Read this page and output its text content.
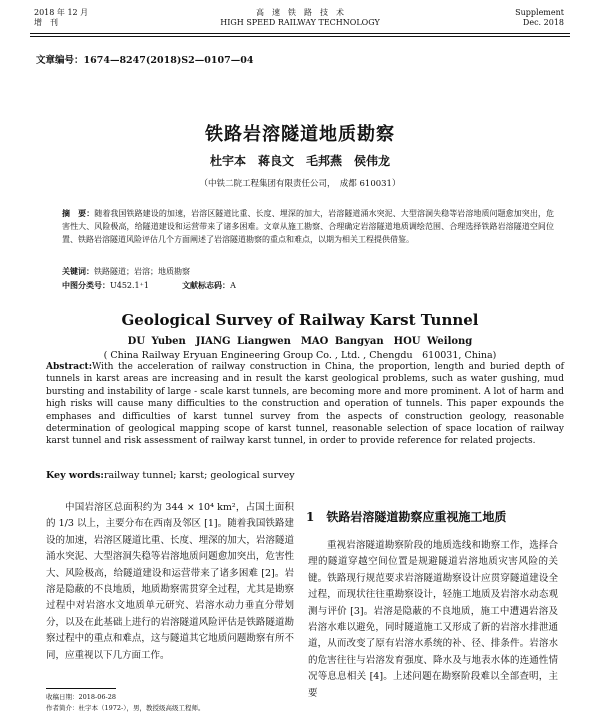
2018 年 12 月
增　刊
高　速　铁　路　技　术
HIGH SPEED RAILWAY TECHNOLOGY
Supplement
Dec. 2018
文章编号：1674—8247(2018)S2—0107—04
铁路岩溶隧道地质勘察
杜宇本　蒋良文　毛邦燕　侯伟龙
（中铁二院工程集团有限责任公司，　成都 610031）
摘　要：随着我国铁路建设的加速，岩溶区隧道比重、长度、埋深的加大，岩溶隧道涌水突泥、大型溶洞失稳等岩溶地质问题愈加突出，危害性大、风险极高，给隧道建设和运营带来了诸多困难。文章从施工勘察、合理确定岩溶隧道地质调绘范围、合理选择铁路岩溶隧道空间位置、铁路岩溶隧道风险评估几个方面阐述了岩溶隧道勘察的重点和难点，以期为相关工程提供借鉴。
关键词：铁路隧道；岩溶；地质勘察
中图分类号：U452.1⁺1	文献标志码：A
Geological Survey of Railway Karst Tunnel
DU Yuben　JIANG Liangwen　MAO Bangyan　HOU Weilong
( China Railway Eryuan Engineering Group Co. , Ltd. , Chengdu　610031, China)
Abstract:With the acceleration of railway construction in China, the proportion, length and buried depth of tunnels in karst areas are increasing and in result the karst geological problems, such as water gushing, mud bursting and instability of large - scale karst tunnels, are becoming more and more prominent. A lot of harm and high risks will cause many difficulties to the construction and operation of tunnels. This paper expounds the emphases and difficulties of karst tunnel survey from the aspects of construction geology, reasonable determination of geological mapping scope of karst tunnel, reasonable selection of space location of railway karst tunnel and risk assessment of railway karst tunnel, in order to provide reference for related projects.
Key words:railway tunnel; karst; geological survey
中国岩溶区总面积约为 344 × 10⁴ km²，占国土面积的 1/3 以上，主要分布在西南及邻区 [1]。随着我国铁路建设的加速，岩溶区隧道比重、长度、埋深的加大，岩溶隧道涌水突泥、大型溶洞失稳等岩溶地质问题愈加突出，危害性大、风险极高，给隧道建设和运营带来了诸多困难 [2]。岩溶是隐蔽的不良地质，地质勘察需贯穿全过程，尤其是勘察过程中对岩溶水文地质单元研究、岩溶水动力垂直分带划分，以及在此基础上进行的岩溶隧道风险评估是铁路隧道勘察过程中的重点和难点，这与隧道其它地质问题勘察有所不同，应重视以下几方面工作。
1 铁路岩溶隧道勘察应重视施工地质
重视岩溶隧道勘察阶段的地质选线和勘察工作，选择合理的隧道穿越空间位置是规避隧道岩溶地质灾害风险的关键。铁路现行规范要求岩溶隧道勘察设计应贯穿隧道建设全过程，而现状往往重勘察设计，轻施工地质及岩溶水动态观测与评价 [3]。岩溶是隐蔽的不良地质，施工中遭遇岩溶及岩溶水难以避免，同时隧道施工又形成了新的岩溶水排泄通道，从而改变了原有岩溶水系统的补、径、排条件。岩溶水的危害往往与岩溶发育强度、降水及与地表水体的连通性情况等息息相关 [4]。上述问题在勘察阶段难以全部查明，主要
收稿日期：2018-06-28
作者简介：杜宇本（1972-），男，教授级高级工程师。
